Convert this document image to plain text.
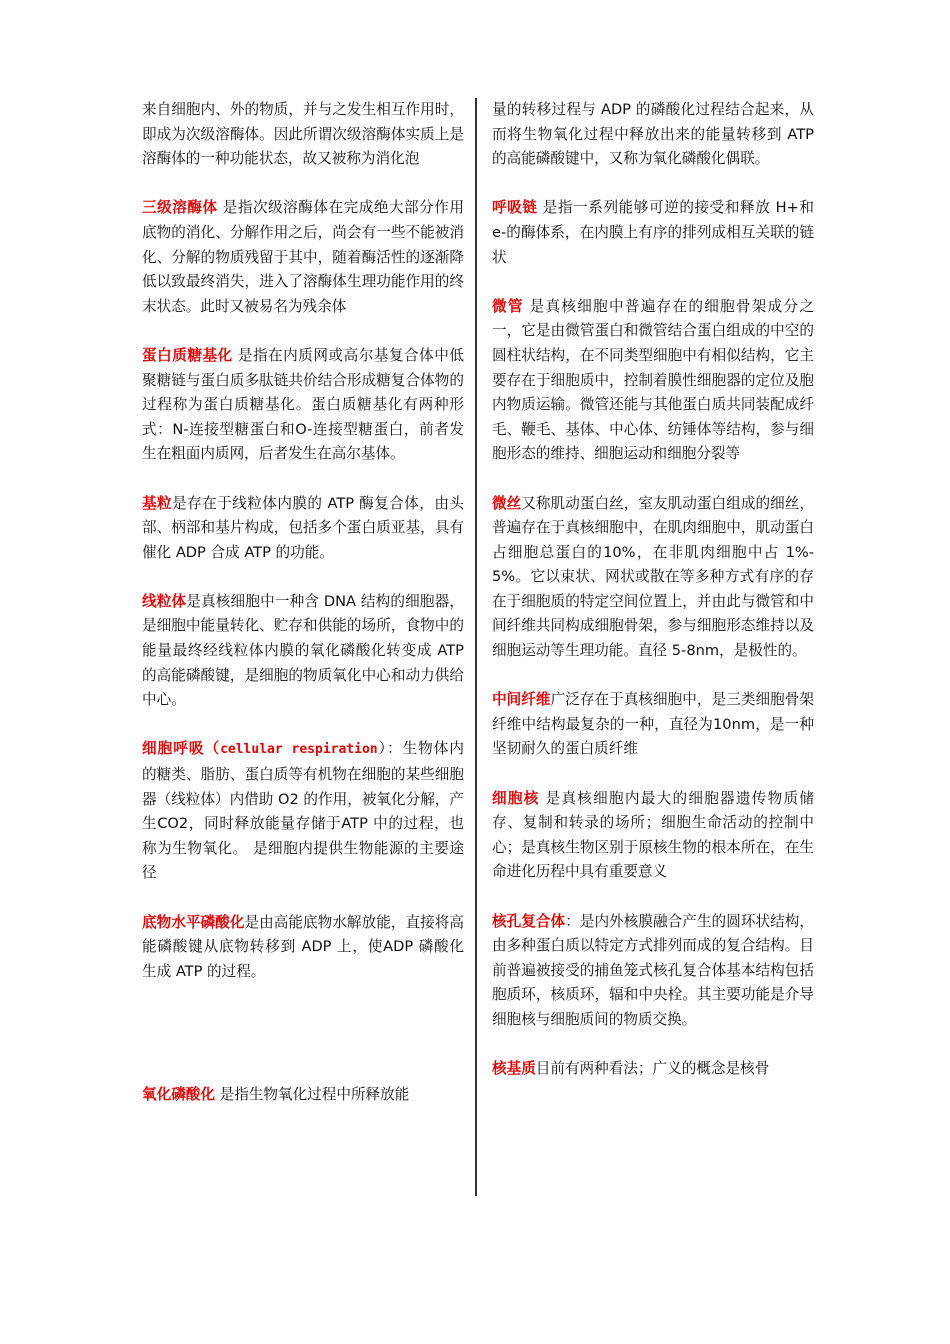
来自细胞内、外的物质，并与之发生相互作用时，即成为次级溶酶体。因此所谓次级溶酶体实质上是溶酶体的一种功能状态，故又被称为消化泡

三级溶酶体 是指次级溶酶体在完成绝大部分作用底物的消化、分解作用之后，尚会有一些不能被消化、分解的物质残留于其中，随着酶活性的逐渐降低以致最终消失，进入了溶酶体生理功能作用的终末状态。此时又被易名为残余体

蛋白质糖基化 是指在内质网或高尔基复合体中低聚糖链与蛋白质多肽链共价结合形成糖复合体物的过程称为蛋白质糖基化。蛋白质糖基化有两种形式：N-连接型糖蛋白和O-连接型糖蛋白，前者发生在粗面内质网，后者发生在高尔基体。

基粒是存在于线粒体内膜的 ATP 酶复合体，由头部、柄部和基片构成，包括多个蛋白质亚基，具有催化 ADP 合成 ATP 的功能。

线粒体是真核细胞中一种含 DNA 结构的细胞器，是细胞中能量转化、贮存和供能的场所，食物中的能量最终经线粒体内膜的氧化磷酸化转变成 ATP 的高能磷酸键，是细胞的物质氧化中心和动力供给中心。

细胞呼吸（cellular respiration）：生物体内的糖类、脂肪、蛋白质等有机物在细胞的某些细胞器（线粒体）内借助 O2 的作用，被氧化分解，产生CO2，同时释放能量存储于ATP 中的过程，也称为生物氧化。 是细胞内提供生物能源的主要途径

底物水平磷酸化是由高能底物水解放能，直接将高能磷酸键从底物转移到 ADP 上，使ADP 磷酸化生成 ATP 的过程。

氧化磷酸化 是指生物氧化过程中所释放能

量的转移过程与 ADP 的磷酸化过程结合起来，从而将生物氧化过程中释放出来的能量转移到 ATP 的高能磷酸键中，又称为氧化磷酸化偶联。

呼吸链 是指一系列能够可逆的接受和释放 H+和 e-的酶体系，在内膜上有序的排列成相互关联的链状

微管 是真核细胞中普遍存在的细胞骨架成分之一，它是由微管蛋白和微管结合蛋白组成的中空的圆柱状结构，在不同类型细胞中有相似结构，它主要存在于细胞质中，控制着膜性细胞器的定位及胞内物质运输。微管还能与其他蛋白质共同装配成纤毛、鞭毛、基体、中心体、纺锤体等结构，参与细胞形态的维持、细胞运动和细胞分裂等

微丝又称肌动蛋白丝，室友肌动蛋白组成的细丝，普遍存在于真核细胞中，在肌肉细胞中，肌动蛋白占细胞总蛋白的10%，在非肌肉细胞中占 1%-5%。它以束状、网状或散在等多种方式有序的存在于细胞质的特定空间位置上，并由此与微管和中间纤维共同构成细胞骨架，参与细胞形态维持以及细胞运动等生理功能。直径 5-8nm，是极性的。

中间纤维广泛存在于真核细胞中，是三类细胞骨架纤维中结构最复杂的一种，直径为10nm，是一种坚韧耐久的蛋白质纤维

细胞核 是真核细胞内最大的细胞器遗传物质储存、复制和转录的场所；细胞生命活动的控制中心；是真核生物区别于原核生物的根本所在，在生命进化历程中具有重要意义

核孔复合体：是内外核膜融合产生的圆环状结构，由多种蛋白质以特定方式排列而成的复合结构。目前普遍被接受的捕鱼笼式核孔复合体基本结构包括胞质环，核质环，辐和中央栓。其主要功能是介导细胞核与细胞质间的物质交换。

核基质目前有两种看法；广义的概念是核骨
